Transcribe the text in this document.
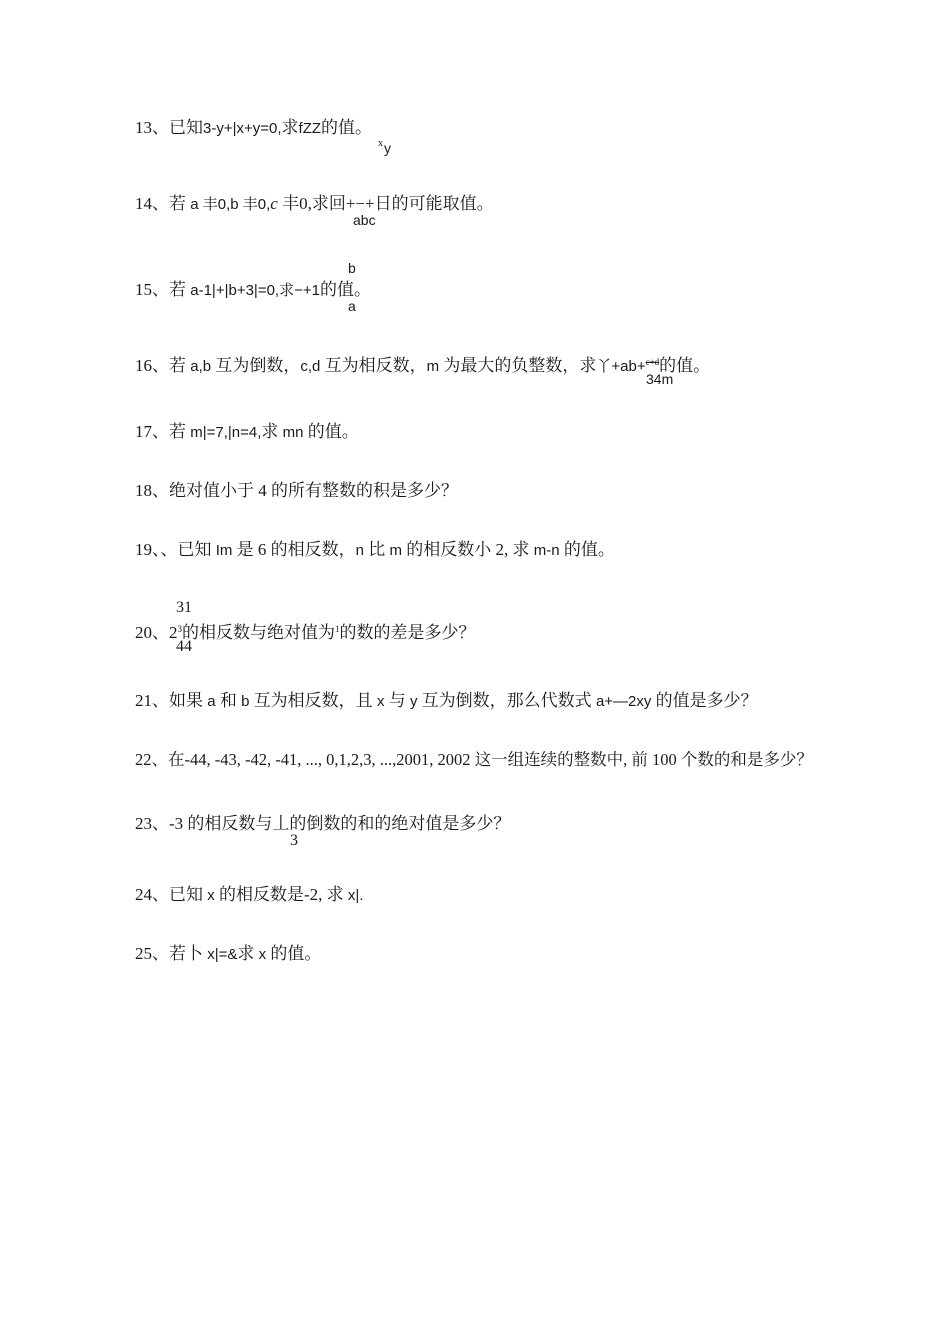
13、已知3-y+|x+y=0,求fZZ的值。
x y
14、若 a 丰0,b 丰0,c 丰0,求回+−+日的可能取值。
abc
b
15、若 a-1|+|b+3|=0,求−+1的值。
a
16、若 a,b 互为倒数，c,d 互为相反数，m 为最大的负整数，求丫+ab+$^{c+d}$的值。
34m
17、若 m|=7,|n=4,求 mn 的值。
18、绝对值小于 4 的所有整数的积是多少？
19、、已知 Im 是 6 的相反数，n 比 m 的相反数小 2, 求 m-n 的值。
31
20、$2^3$的相反数与绝对值为$^1$的数的差是多少？
44
21、如果 a 和 b 互为相反数，且 x 与 y 互为倒数，那么代数式 a+—2xy 的值是多少？
22、在-44, -43, -42, -41, ..., 0,1,2,3, ...,2001, 2002 这一组连续的整数中, 前 100 个数的和是多少？
23、-3 的相反数与丄的倒数的和的绝对值是多少？
3
24、已知 x 的相反数是-2, 求 x|.
25、若卜 x|=&求 x 的值。
